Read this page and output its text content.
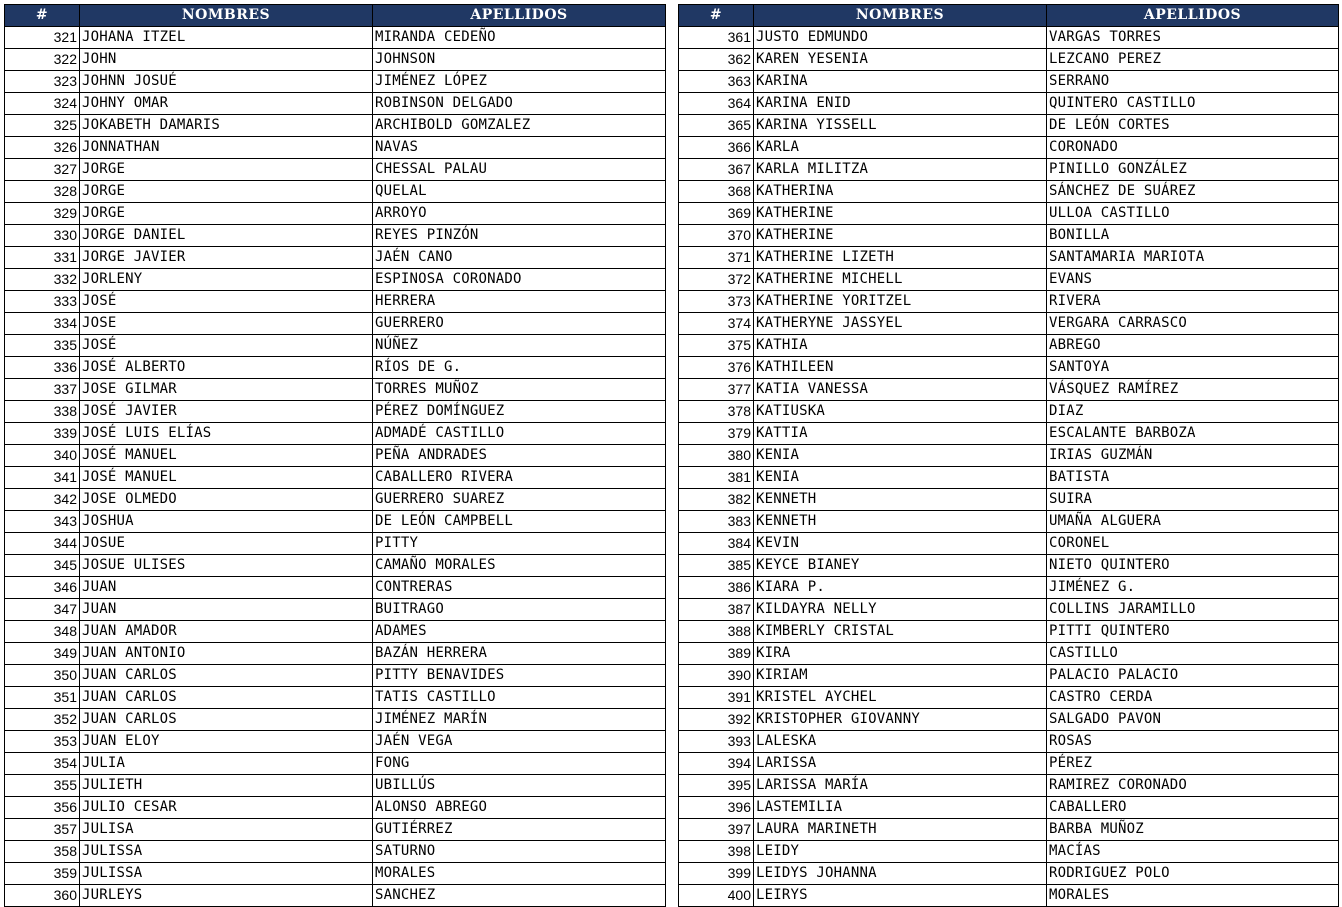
#	NOMBRES	APELLIDOS
321	JOHANA ITZEL	MIRANDA CEDEÑO
322	JOHN	JOHNSON
323	JOHNN JOSUÉ	JIMÉNEZ LÓPEZ
324	JOHNY OMAR	ROBINSON DELGADO
325	JOKABETH DAMARIS	ARCHIBOLD GOMZALEZ
326	JONNATHAN	NAVAS
327	JORGE	CHESSAL PALAU
328	JORGE	QUELAL
329	JORGE	ARROYO
330	JORGE DANIEL	REYES PINZÓN
331	JORGE JAVIER	JAÉN CANO
332	JORLENY	ESPINOSA CORONADO
333	JOSÉ	HERRERA
334	JOSE	GUERRERO
335	JOSÉ	NÚÑEZ
336	JOSÉ ALBERTO	RÍOS DE G.
337	JOSE GILMAR	TORRES MUÑOZ
338	JOSÉ JAVIER	PÉREZ DOMÍNGUEZ
339	JOSÉ LUIS ELÍAS	ADMADÉ CASTILLO
340	JOSÉ MANUEL	PEÑA ANDRADES
341	JOSÉ MANUEL	CABALLERO RIVERA
342	JOSE OLMEDO	GUERRERO SUAREZ
343	JOSHUA	DE LEÓN CAMPBELL
344	JOSUE	PITTY
345	JOSUE ULISES	CAMAÑO MORALES
346	JUAN	CONTRERAS
347	JUAN	BUITRAGO
348	JUAN AMADOR	ADAMES
349	JUAN ANTONIO	BAZÁN HERRERA
350	JUAN CARLOS	PITTY BENAVIDES
351	JUAN CARLOS	TATIS CASTILLO
352	JUAN CARLOS	JIMÉNEZ MARÍN
353	JUAN ELOY	JAÉN VEGA
354	JULIA	FONG
355	JULIETH	UBILLÚS
356	JULIO CESAR	ALONSO ABREGO
357	JULISA	GUTIÉRREZ
358	JULISSA	SATURNO
359	JULISSA	MORALES
360	JURLEYS	SANCHEZ
#	NOMBRES	APELLIDOS
361	JUSTO EDMUNDO	VARGAS TORRES
362	KAREN YESENIA	LEZCANO PEREZ
363	KARINA	SERRANO
364	KARINA ENID	QUINTERO CASTILLO
365	KARINA YISSELL	DE LEÓN CORTES
366	KARLA	CORONADO
367	KARLA MILITZA	PINILLO GONZÁLEZ
368	KATHERINA	SÁNCHEZ DE SUÁREZ
369	KATHERINE	ULLOA CASTILLO
370	KATHERINE	BONILLA
371	KATHERINE LIZETH	SANTAMARIA MARIOTA
372	KATHERINE MICHELL	EVANS
373	KATHERINE YORITZEL	RIVERA
374	KATHERYNE JASSYEL	VERGARA CARRASCO
375	KATHIA	ABREGO
376	KATHILEEN	SANTOYA
377	KATIA VANESSA	VÁSQUEZ RAMÍREZ
378	KATIUSKA	DIAZ
379	KATTIA	ESCALANTE BARBOZA
380	KENIA	IRIAS GUZMÁN
381	KENIA	BATISTA
382	KENNETH	SUIRA
383	KENNETH	UMAÑA ALGUERA
384	KEVIN	CORONEL
385	KEYCE BIANEY	NIETO QUINTERO
386	KIARA P.	JIMÉNEZ G.
387	KILDAYRA NELLY	COLLINS JARAMILLO
388	KIMBERLY CRISTAL	PITTI QUINTERO
389	KIRA	CASTILLO
390	KIRIAM	PALACIO PALACIO
391	KRISTEL AYCHEL	CASTRO CERDA
392	KRISTOPHER GIOVANNY	SALGADO PAVON
393	LALESKA	ROSAS
394	LARISSA	PÉREZ
395	LARISSA MARÍA	RAMIREZ CORONADO
396	LASTEMILIA	CABALLERO
397	LAURA MARINETH	BARBA MUÑOZ
398	LEIDY	MACÍAS
399	LEIDYS JOHANNA	RODRIGUEZ POLO
400	LEIRYS	MORALES
